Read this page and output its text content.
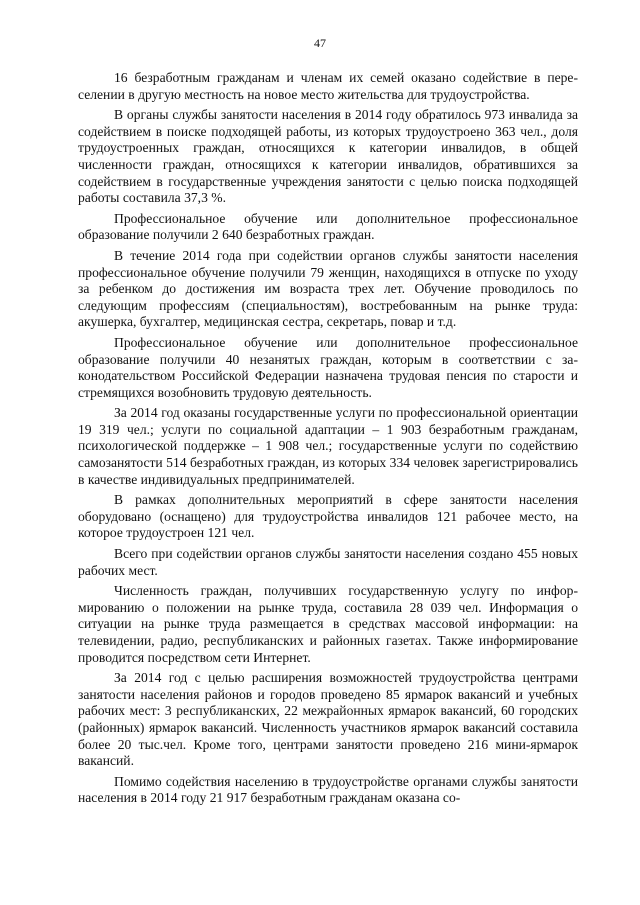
47

16 безработным гражданам и членам их семей оказано содействие в переселении в другую местность на новое место жительства для трудоустройства.

В органы службы занятости населения в 2014 году обратилось 973 инвалида за содействием в поиске подходящей работы, из которых трудоустроено 363 чел., доля трудоустроенных граждан, относящихся к категории инвалидов, в общей численности граждан, относящихся к категории инвалидов, обратившихся за содействием в государственные учреждения занятости с целью поиска подходящей работы составила 37,3 %.

Профессиональное обучение или дополнительное профессиональное образование получили 2 640 безработных граждан.

В течение 2014 года при содействии органов службы занятости населения профессиональное обучение получили 79 женщин, находящихся в отпуске по уходу за ребенком до достижения им возраста трех лет. Обучение проводилось по следующим профессиям (специальностям), востребованным на рынке труда: акушерка, бухгалтер, медицинская сестра, секретарь, повар и т.д.

Профессиональное обучение или дополнительное профессиональное образование получили 40 незанятых граждан, которым в соответствии с законодательством Российской Федерации назначена трудовая пенсия по старости и стремящихся возобновить трудовую деятельность.

За 2014 год оказаны государственные услуги по профессиональной ориентации 19 319 чел.; услуги по социальной адаптации – 1 903 безработным гражданам, психологической поддержке – 1 908 чел.; государственные услуги по содействию самозанятости 514 безработных граждан, из которых 334 человек зарегистрировались в качестве индивидуальных предпринимателей.

В рамках дополнительных мероприятий в сфере занятости населения оборудовано (оснащено) для трудоустройства инвалидов 121 рабочее место, на которое трудоустроен 121 чел.

Всего при содействии органов службы занятости населения создано 455 новых рабочих мест.

Численность граждан, получивших государственную услугу по информированию о положении на рынке труда, составила 28 039 чел. Информация о ситуации на рынке труда размещается в средствах массовой информации: на телевидении, радио, республиканских и районных газетах. Также информирование проводится посредством сети Интернет.

За 2014 год с целью расширения возможностей трудоустройства центрами занятости населения районов и городов проведено 85 ярмарок вакансий и учебных рабочих мест: 3 республиканских, 22 межрайонных ярмарок вакансий, 60 городских (районных) ярмарок вакансий. Численность участников ярмарок вакансий составила более 20 тыс.чел. Кроме того, центрами занятости проведено 216 мини-ярмарок вакансий.

Помимо содействия населению в трудоустройстве органами службы занятости населения в 2014 году 21 917 безработным гражданам оказана со-
